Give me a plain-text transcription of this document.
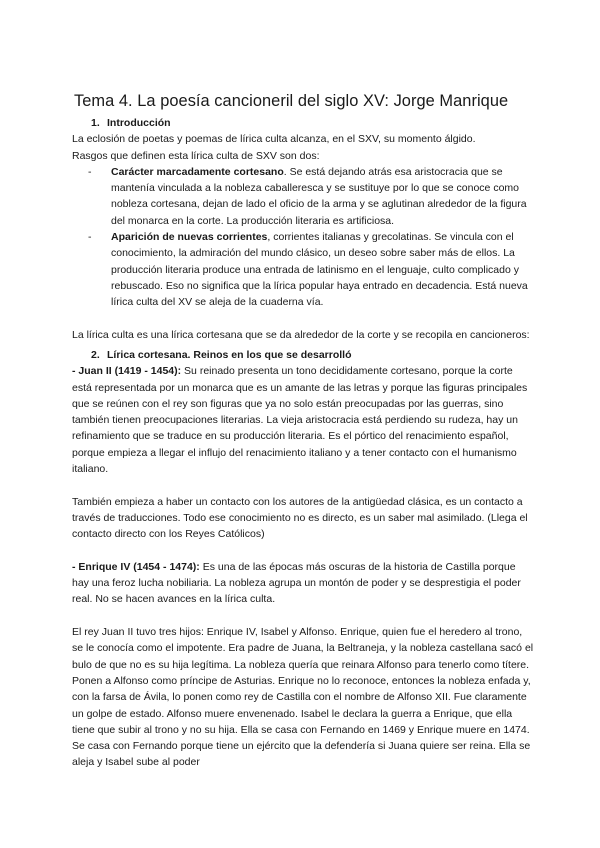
Tema 4. La poesía cancioneril del siglo XV: Jorge Manrique

1. Introducción

La eclosión de poetas y poemas de lírica culta alcanza, en el SXV, su momento álgido.

Rasgos que definen esta lírica culta de SXV son dos:

- Carácter marcadamente cortesano. Se está dejando atrás esa aristocracia que se mantenía vinculada a la nobleza caballeresca y se sustituye por lo que se conoce como nobleza cortesana, dejan de lado el oficio de la arma y se aglutinan alrededor de la figura del monarca en la corte. La producción literaria es artificiosa.

- Aparición de nuevas corrientes, corrientes italianas y grecolatinas. Se vincula con el conocimiento, la admiración del mundo clásico, un deseo sobre saber más de ellos. La producción literaria produce una entrada de latinismo en el lenguaje, culto complicado y rebuscado. Eso no significa que la lírica popular haya entrado en decadencia. Está nueva lírica culta del XV se aleja de la cuaderna vía.

La lírica culta es una lírica cortesana que se da alrededor de la corte y se recopila en cancioneros:

2. Lírica cortesana. Reinos en los que se desarrolló

- Juan II (1419 - 1454): Su reinado presenta un tono decididamente cortesano, porque la corte está representada por un monarca que es un amante de las letras y porque las figuras principales que se reúnen con el rey son figuras que ya no solo están preocupadas por las guerras, sino también tienen preocupaciones literarias. La vieja aristocracia está perdiendo su rudeza, hay un refinamiento que se traduce en su producción literaria. Es el pórtico del renacimiento español, porque empieza a llegar el influjo del renacimiento italiano y a tener contacto con el humanismo italiano.

También empieza a haber un contacto con los autores de la antigüedad clásica, es un contacto a través de traducciones. Todo ese conocimiento no es directo, es un saber mal asimilado. (Llega el contacto directo con los Reyes Católicos)

- Enrique IV (1454 - 1474): Es una de las épocas más oscuras de la historia de Castilla porque hay una feroz lucha nobiliaria. La nobleza agrupa un montón de poder y se desprestigia el poder real. No se hacen avances en la lírica culta.

El rey Juan II tuvo tres hijos: Enrique IV, Isabel y Alfonso. Enrique, quien fue el heredero al trono, se le conocía como el impotente. Era padre de Juana, la Beltraneja, y la nobleza castellana sacó el bulo de que no es su hija legítima. La nobleza quería que reinara Alfonso para tenerlo como títere. Ponen a Alfonso como príncipe de Asturias. Enrique no lo reconoce, entonces la nobleza enfada y, con la farsa de Ávila, lo ponen como rey de Castilla con el nombre de Alfonso XII. Fue claramente un golpe de estado. Alfonso muere envenenado. Isabel le declara la guerra a Enrique, que ella tiene que subir al trono y no su hija. Ella se casa con Fernando en 1469 y Enrique muere en 1474. Se casa con Fernando porque tiene un ejército que la defendería si Juana quiere ser reina. Ella se aleja y Isabel sube al poder
